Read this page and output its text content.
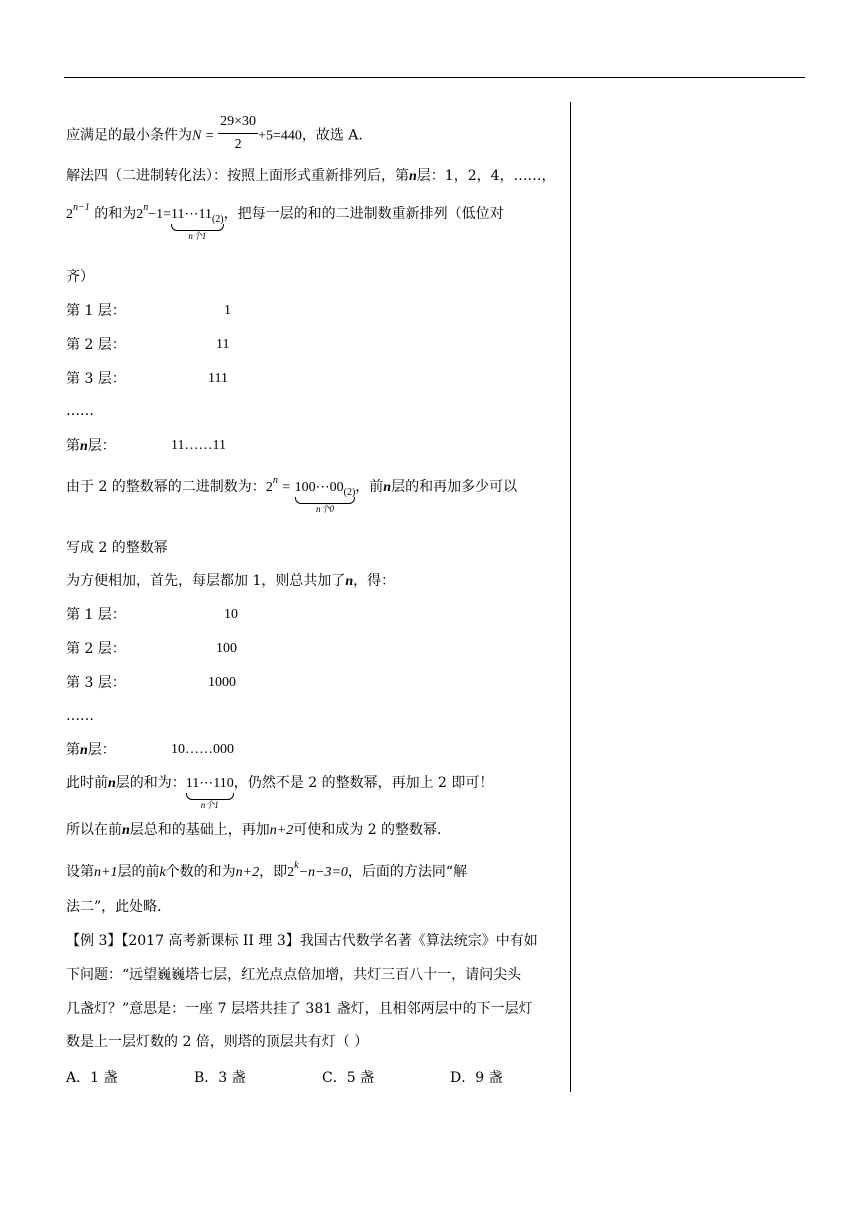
应满足的最小条件为$N = \frac{29\times 30}{2} +5=440$，故选 A．
解法四（二进制转化法）：按照上面形式重新排列后，第n层：1，2，4，……，
$2^{n-1}$ 的和为$2^n-1=11\cdots 11_{(2)}$
n个1
，把每一层的和的二进制数重新排列（低位对
齐）
第 1 层：	1
第 2 层：	11
第 3 层：	111
……
第n层：	11……11
由于 2 的整数幂的二进制数为：$2^n$ = $100\cdots 00_{(2)}$
n个0
，前n层的和再加多少可以
写成 2 的整数幂
为方便相加，首先，每层都加 1，则总共加了n，得：
第 1 层：	10
第 2 层：	100
第 3 层：	1000
……
第n层：	10……000
此时前n层的和为：11⋯110
n个1
，仍然不是 2 的整数幂，再加上 2 即可！
所以在前n层总和的基础上，再加n+2可使和成为 2 的整数幂．
设第n+1层的前k个数的和为n+2，即$2^k-n-3=0$，后面的方法同“解
法二”，此处略．
【例 3】【2017 高考新课标 II 理 3】我国古代数学名著《算法统宗》中有如
下问题：“远望巍巍塔七层，红光点点倍加增，共灯三百八十一，请问尖头
几盏灯？”意思是：一座 7 层塔共挂了 381 盏灯，且相邻两层中的下一层灯
数是上一层灯数的 2 倍，则塔的顶层共有灯（ ）
A．1 盏	B．3 盏	C．5 盏	D．9 盏
